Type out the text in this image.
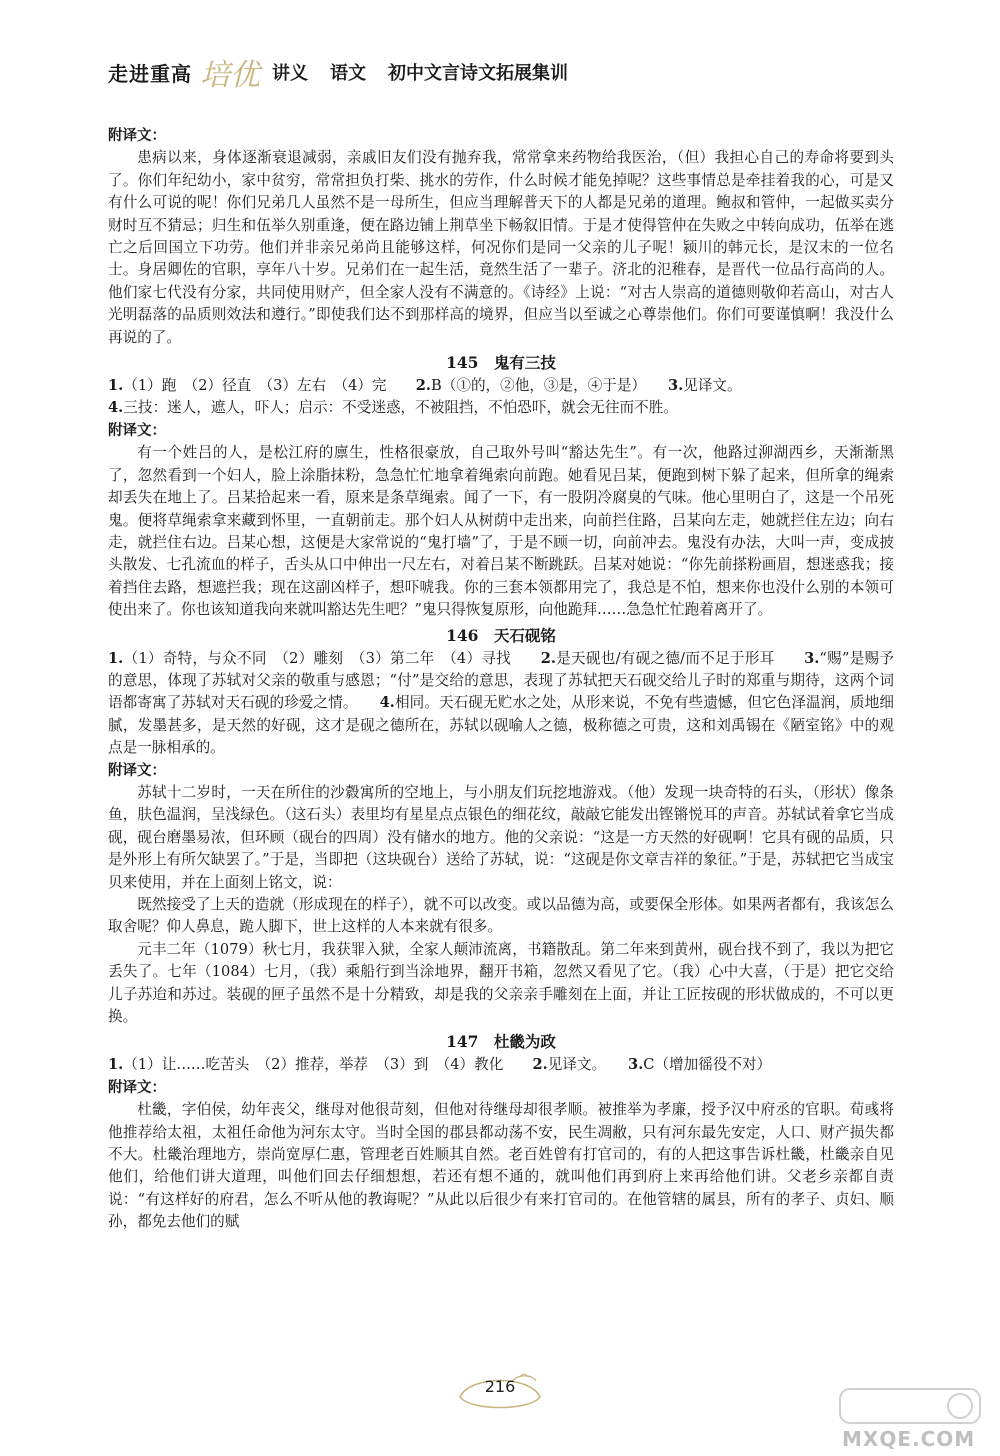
走进重高 培优 讲义 语文 初中文言诗文拓展集训
附译文：

患病以来，身体逐渐衰退减弱，亲戚旧友们没有抛弃我，常常拿来药物给我医治，（但）我担心自己的寿命将要到头了。你们年纪幼小，家中贫穷，常常担负打柴、挑水的劳作，什么时候才能免掉呢？这些事情总是牵挂着我的心，可是又有什么可说的呢！你们兄弟几人虽然不是一母所生，但应当理解普天下的人都是兄弟的道理。鲍叔和管仲，一起做买卖分财时互不猜忌；归生和伍举久别重逢，便在路边铺上荆草坐下畅叙旧情。于是才使得管仲在失败之中转向成功，伍举在逃亡之后回国立下功劳。他们并非亲兄弟尚且能够这样，何况你们是同一父亲的儿子呢！颍川的韩元长，是汉末的一位名士。身居卿佐的官职，享年八十岁。兄弟们在一起生活，竟然生活了一辈子。济北的氾稚春，是晋代一位品行高尚的人。他们家七代没有分家，共同使用财产，但全家人没有不满意的。《诗经》上说：“对古人崇高的道德则敬仰若高山，对古人光明磊落的品质则效法和遵行。”即使我们达不到那样高的境界，但应当以至诚之心尊崇他们。你们可要谨慎啊！我没什么再说的了。

145　鬼有三技

1.（1）跑　（2）径直　（3）左右　（4）完　　2.B（①的，②他，③是，④于是）　　3.见译文。

4.三技：迷人，遮人，吓人；启示：不受迷惑，不被阻挡，不怕恐吓，就会无往而不胜。

附译文：

有一个姓吕的人，是松江府的廪生，性格很豪放，自己取外号叫“豁达先生”。有一次，他路过泖湖西乡，天渐渐黑了，忽然看到一个妇人，脸上涂脂抹粉，急急忙忙地拿着绳索向前跑。她看见吕某，便跑到树下躲了起来，但所拿的绳索却丢失在地上了。吕某拾起来一看，原来是条草绳索。闻了一下，有一股阴冷腐臭的气味。他心里明白了，这是一个吊死鬼。便将草绳索拿来藏到怀里，一直朝前走。那个妇人从树荫中走出来，向前拦住路，吕某向左走，她就拦住左边；向右走，就拦住右边。吕某心想，这便是大家常说的“鬼打墙”了，于是不顾一切，向前冲去。鬼没有办法，大叫一声，变成披头散发、七孔流血的样子，舌头从口中伸出一尺左右，对着吕某不断跳跃。吕某对她说：“你先前搽粉画眉，想迷惑我；接着挡住去路，想遮拦我；现在这副凶样子，想吓唬我。你的三套本领都用完了，我总是不怕，想来你也没什么别的本领可使出来了。你也该知道我向来就叫豁达先生吧？”鬼只得恢复原形，向他跪拜……急急忙忙跑着离开了。

146　天石砚铭

1.（1）奇特，与众不同　（2）雕刻　（3）第二年　（4）寻找　　2.是天砚也/有砚之德/而不足于形耳　　3.“赐”是赐予的意思，体现了苏轼对父亲的敬重与感恩；“付”是交给的意思，表现了苏轼把天石砚交给儿子时的郑重与期待，这两个词语都寄寓了苏轼对天石砚的珍爱之情。　　4.相同。天石砚无贮水之处，从形来说，不免有些遗憾，但它色泽温润，质地细腻，发墨甚多，是天然的好砚，这才是砚之德所在，苏轼以砚喻人之德，极称德之可贵，这和刘禹锡在《陋室铭》中的观点是一脉相承的。

附译文：

苏轼十二岁时，一天在所住的沙縠寓所的空地上，与小朋友们玩挖地游戏。（他）发现一块奇特的石头，（形状）像条鱼，肤色温润，呈浅绿色。（这石头）表里均有星星点点银色的细花纹，敲敲它能发出铿锵悦耳的声音。苏轼试着拿它当成砚，砚台磨墨易浓，但环顾（砚台的四周）没有储水的地方。他的父亲说：“这是一方天然的好砚啊！它具有砚的品质，只是外形上有所欠缺罢了。”于是，当即把（这块砚台）送给了苏轼，说：“这砚是你文章吉祥的象征。”于是，苏轼把它当成宝贝来使用，并在上面刻上铭文，说：

既然接受了上天的造就（形成现在的样子），就不可以改变。或以品德为高，或要保全形体。如果两者都有，我该怎么取舍呢？仰人鼻息，跪人脚下，世上这样的人本来就有很多。

元丰二年（1079）秋七月，我获罪入狱，全家人颠沛流离，书籍散乱。第二年来到黄州，砚台找不到了，我以为把它丢失了。七年（1084）七月，（我）乘船行到当涂地界，翻开书箱，忽然又看见了它。（我）心中大喜，（于是）把它交给儿子苏迨和苏过。装砚的匣子虽然不是十分精致，却是我的父亲亲手雕刻在上面，并让工匠按砚的形状做成的，不可以更换。

147　杜畿为政

1.（1）让……吃苦头　（2）推荐，举荐　（3）到　（4）教化　　2.见译文。　　3.C（增加徭役不对）

附译文：

杜畿，字伯侯，幼年丧父，继母对他很苛刻，但他对待继母却很孝顺。被推举为孝廉，授予汉中府丞的官职。荀彧将他推荐给太祖，太祖任命他为河东太守。当时全国的郡县都动荡不安，民生凋敝，只有河东最先安定，人口、财产损失都不大。杜畿治理地方，崇尚宽厚仁惠，管理老百姓顺其自然。老百姓曾有打官司的，有的人把这事告诉杜畿，杜畿亲自见他们，给他们讲大道理，叫他们回去仔细想想，若还有想不通的，就叫他们再到府上来再给他们讲。父老乡亲都自责说：“有这样好的府君，怎么不听从他的教诲呢？”从此以后很少有来打官司的。在他管辖的属县，所有的孝子、贞妇、顺孙，都免去他们的赋

216
MXQE.COM
